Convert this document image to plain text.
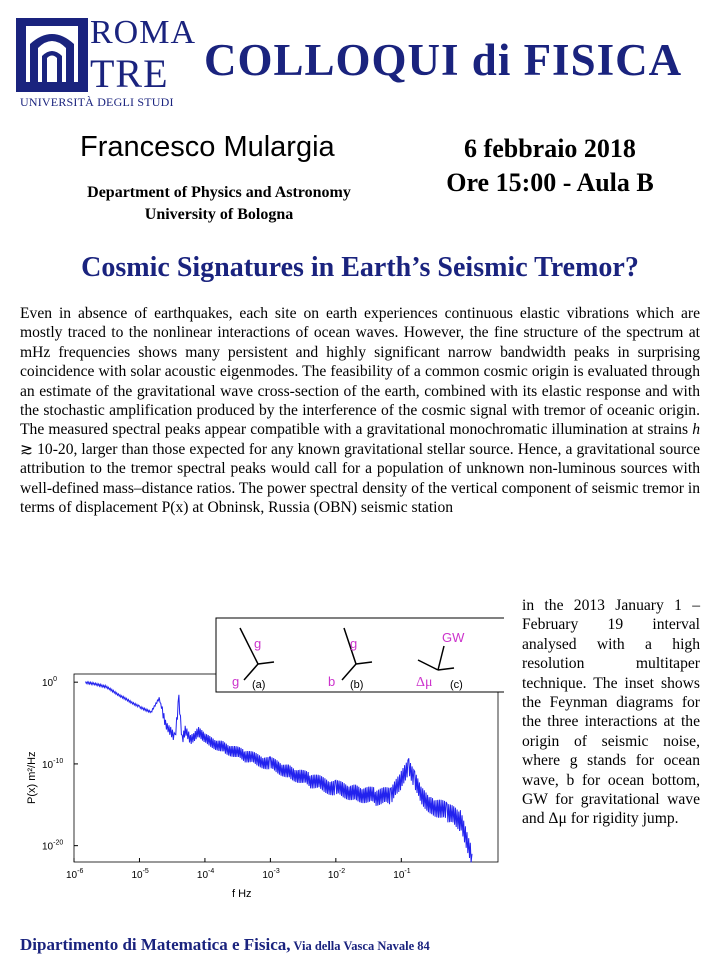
ROMA
TRE
UNIVERSITÀ DEGLI STUDI
COLLOQUI di FISICA
Francesco Mulargia
Department of Physics and Astronomy
University of Bologna
6 febbraio 2018
Ore 15:00 - Aula B
Cosmic Signatures in Earth’s Seismic Tremor?
Even in absence of earthquakes, each site on earth experiences continuous elastic vibrations which are mostly traced to the nonlinear interactions of ocean waves. However, the fine structure of the spectrum at mHz frequencies shows many persistent and highly significant narrow bandwidth peaks in surprising coincidence with solar acoustic eigenmodes. The feasibility of a common cosmic origin is evaluated through an estimate of the gravitational wave cross-section of the earth, combined with its elastic response and with the stochastic amplification produced by the interference of the cosmic signal with tremor of oceanic origin. The measured spectral peaks appear compatible with a gravitational monochromatic illumination at strains h ≳ 10-20, larger than those expected for any known gravitational stellar source. Hence, a gravitational source attribution to the tremor spectral peaks would call for a population of unknown non-luminous sources with well-defined mass–distance ratios. The power spectral density of the vertical component of seismic tremor in terms of displacement P(x) at Obninsk, Russia (OBN) seismic station
in the 2013 January 1 – February 19 interval analysed with a high resolution multitaper technique. The inset shows the Feynman diagrams for the three interactions at the origin of seismic noise, where g stands for ocean wave, b for ocean bottom, GW for gravitational wave and Δμ for rigidity jump.
$10^{-6}$	$10^{-5}$	$10^{-4}$	$10^{-3}$	$10^{-2}$	$10^{-1}$
$10^0$
$10^{-10}$
$10^{-20}$
f Hz
P(x) m²/Hz
g
g (a)
g
b (b)
GW
Δμ (c)
Dipartimento di Matematica e Fisica, Via della Vasca Navale 84
